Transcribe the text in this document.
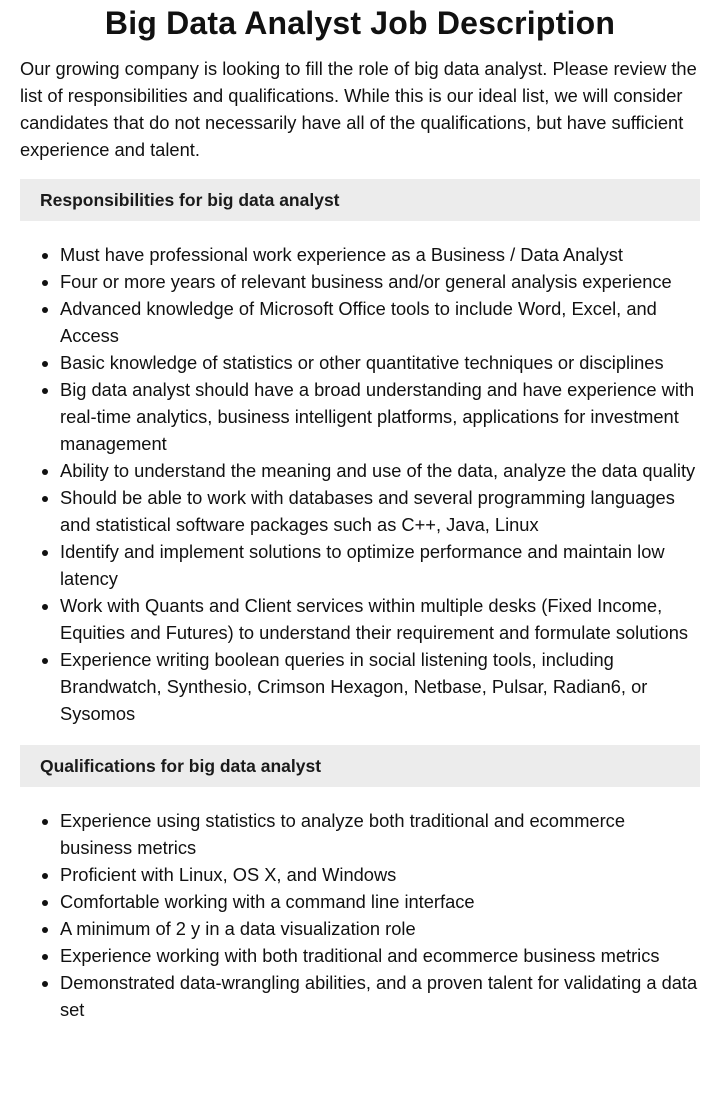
Big Data Analyst Job Description

Our growing company is looking to fill the role of big data analyst. Please review the list of responsibilities and qualifications. While this is our ideal list, we will consider candidates that do not necessarily have all of the qualifications, but have sufficient experience and talent.

Responsibilities for big data analyst
• Must have professional work experience as a Business / Data Analyst
• Four or more years of relevant business and/or general analysis experience
• Advanced knowledge of Microsoft Office tools to include Word, Excel, and Access
• Basic knowledge of statistics or other quantitative techniques or disciplines
• Big data analyst should have a broad understanding and have experience with real-time analytics, business intelligent platforms, applications for investment management
• Ability to understand the meaning and use of the data, analyze the data quality
• Should be able to work with databases and several programming languages and statistical software packages such as C++, Java, Linux
• Identify and implement solutions to optimize performance and maintain low latency
• Work with Quants and Client services within multiple desks (Fixed Income, Equities and Futures) to understand their requirement and formulate solutions
• Experience writing boolean queries in social listening tools, including Brandwatch, Synthesio, Crimson Hexagon, Netbase, Pulsar, Radian6, or Sysomos
Qualifications for big data analyst
• Experience using statistics to analyze both traditional and ecommerce business metrics
• Proficient with Linux, OS X, and Windows
• Comfortable working with a command line interface
• A minimum of 2 y in a data visualization role
• Experience working with both traditional and ecommerce business metrics
• Demonstrated data-wrangling abilities, and a proven talent for validating a data set
